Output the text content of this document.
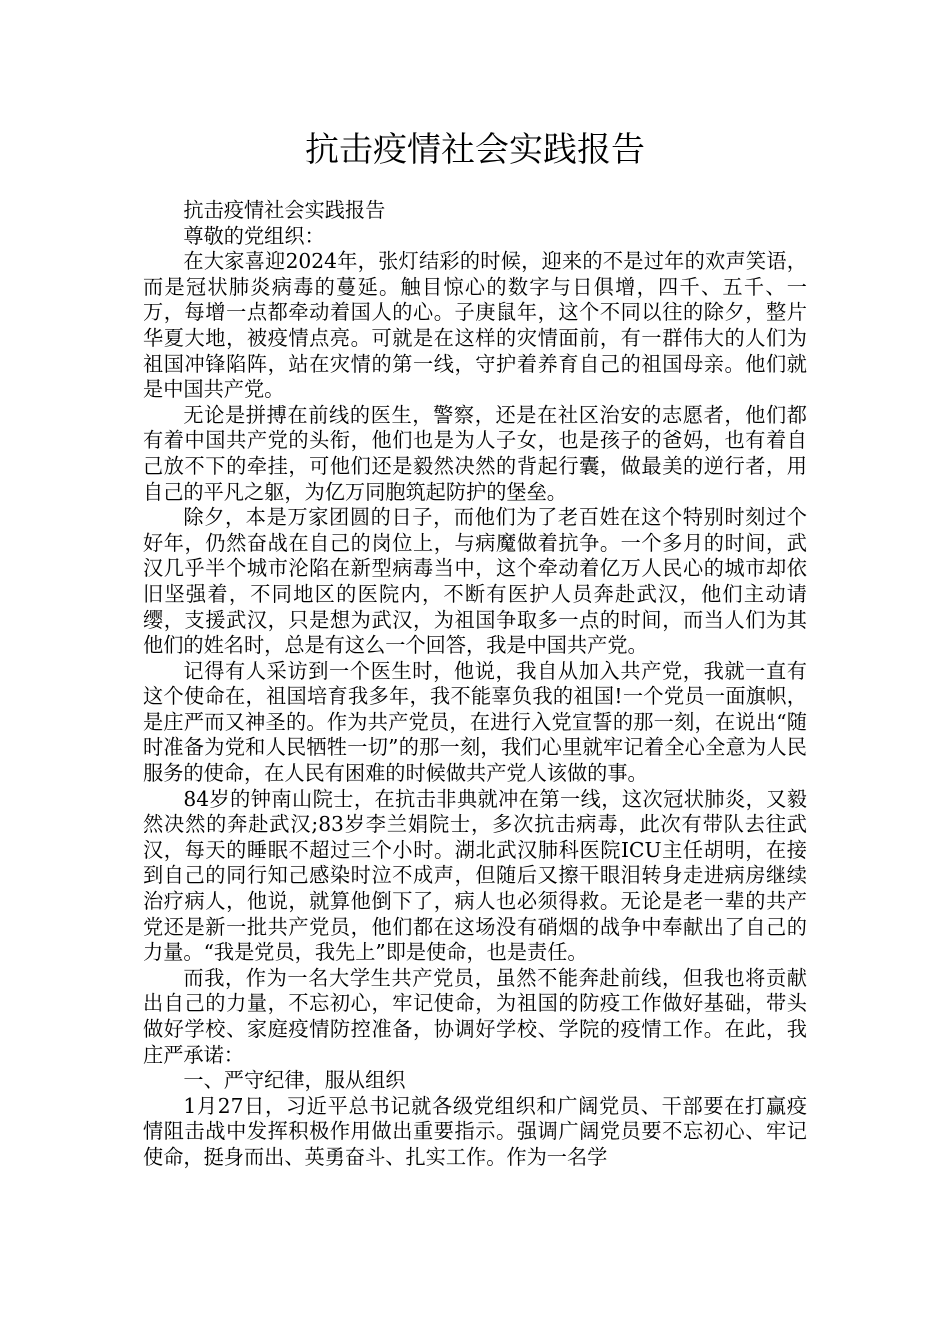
抗击疫情社会实践报告

抗击疫情社会实践报告

尊敬的党组织：

在大家喜迎2024年，张灯结彩的时候，迎来的不是过年的欢声笑语，而是冠状肺炎病毒的蔓延。触目惊心的数字与日俱增，四千、五千、一万，每增一点都牵动着国人的心。子庚鼠年，这个不同以往的除夕，整片华夏大地，被疫情点亮。可就是在这样的灾情面前，有一群伟大的人们为祖国冲锋陷阵，站在灾情的第一线，守护着养育自己的祖国母亲。他们就是中国共产党。

无论是拼搏在前线的医生，警察，还是在社区治安的志愿者，他们都有着中国共产党的头衔，他们也是为人子女，也是孩子的爸妈，也有着自己放不下的牵挂，可他们还是毅然决然的背起行囊，做最美的逆行者，用自己的平凡之躯，为亿万同胞筑起防护的堡垒。

除夕，本是万家团圆的日子，而他们为了老百姓在这个特别时刻过个好年，仍然奋战在自己的岗位上，与病魔做着抗争。一个多月的时间，武汉几乎半个城市沦陷在新型病毒当中，这个牵动着亿万人民心的城市却依旧坚强着，不同地区的医院内，不断有医护人员奔赴武汉，他们主动请缨，支援武汉，只是想为武汉，为祖国争取多一点的时间，而当人们为其他们的姓名时，总是有这么一个回答，我是中国共产党。

记得有人采访到一个医生时，他说，我自从加入共产党，我就一直有这个使命在，祖国培育我多年，我不能辜负我的祖国!一个党员一面旗帜，是庄严而又神圣的。作为共产党员，在进行入党宣誓的那一刻，在说出“随时准备为党和人民牺牲一切”的那一刻，我们心里就牢记着全心全意为人民服务的使命，在人民有困难的时候做共产党人该做的事。

84岁的钟南山院士，在抗击非典就冲在第一线，这次冠状肺炎，又毅然决然的奔赴武汉;83岁李兰娟院士，多次抗击病毒，此次有带队去往武汉，每天的睡眠不超过三个小时。湖北武汉肺科医院ICU主任胡明，在接到自己的同行知己感染时泣不成声，但随后又擦干眼泪转身走进病房继续治疗病人，他说，就算他倒下了，病人也必须得救。无论是老一辈的共产党还是新一批共产党员，他们都在这场没有硝烟的战争中奉献出了自己的力量。“我是党员，我先上”即是使命，也是责任。

而我，作为一名大学生共产党员，虽然不能奔赴前线，但我也将贡献出自己的力量，不忘初心，牢记使命，为祖国的防疫工作做好基础，带头做好学校、家庭疫情防控准备，协调好学校、学院的疫情工作。在此，我庄严承诺：

一、严守纪律，服从组织

1月27日，习近平总书记就各级党组织和广阔党员、干部要在打赢疫情阻击战中发挥积极作用做出重要指示。强调广阔党员要不忘初心、牢记使命，挺身而出、英勇奋斗、扎实工作。作为一名学
